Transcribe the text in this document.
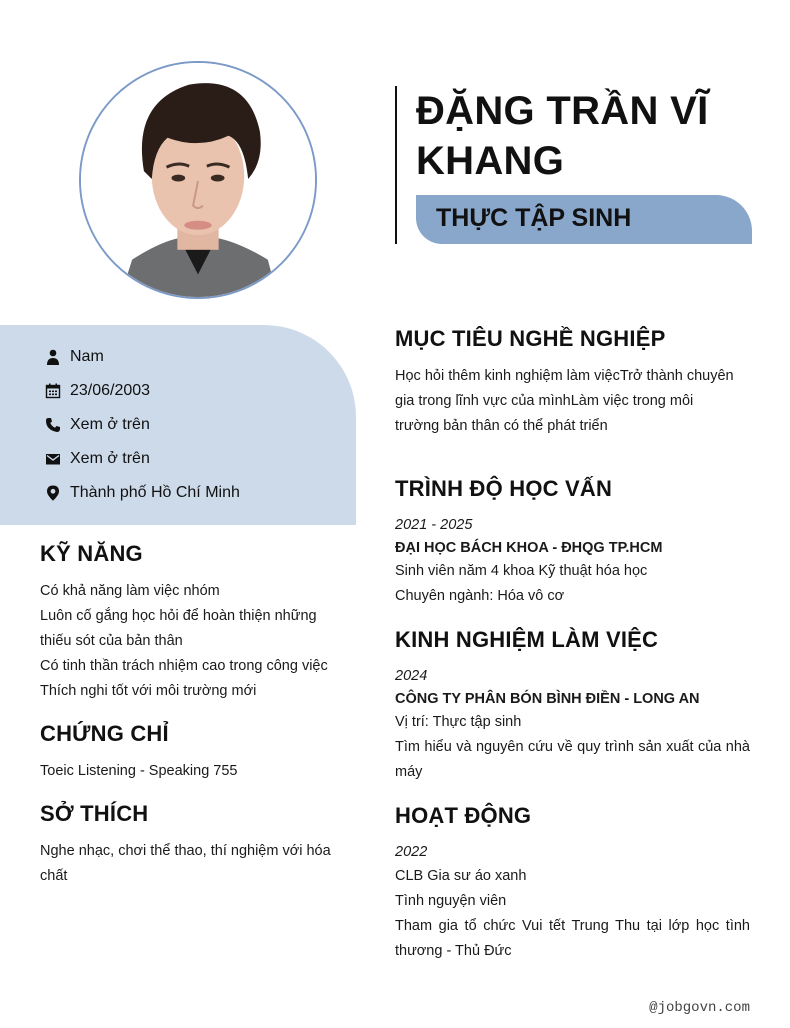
ĐẶNG TRẦN VĨ
KHANG
THỰC TẬP SINH
Nam
23/06/2003
Xem ở trên
Xem ở trên
Thành phố Hồ Chí Minh
KỸ NĂNG
Có khả năng làm việc nhóm
Luôn cố gắng học hỏi để hoàn thiện những
thiếu sót của bản thân
Có tinh thần trách nhiệm cao trong công việc
Thích nghi tốt với môi trường mới
CHỨNG CHỈ
Toeic Listening - Speaking 755
SỞ THÍCH
Nghe nhạc, chơi thể thao, thí nghiệm với hóa
chất
MỤC TIÊU NGHỀ NGHIỆP
Học hỏi thêm kinh nghiệm làm việcTrở thành chuyên
gia trong lĩnh vực của mìnhLàm việc trong môi
trường bản thân có thể phát triển
TRÌNH ĐỘ HỌC VẤN
2021 - 2025
ĐẠI HỌC BÁCH KHOA - ĐHQG TP.HCM
Sinh viên năm 4 khoa Kỹ thuật hóa học
Chuyên ngành: Hóa vô cơ
KINH NGHIỆM LÀM VIỆC
2024
CÔNG TY PHÂN BÓN BÌNH ĐIỀN - LONG AN
Vị trí: Thực tập sinh
Tìm hiểu và nguyên cứu về quy trình sản xuất của nhà máy
HOẠT ĐỘNG
2022
CLB Gia sư áo xanh
Tình nguyện viên
Tham gia tổ chức Vui tết Trung Thu tại lớp học tình thương - Thủ Đức
@jobgovn.com
